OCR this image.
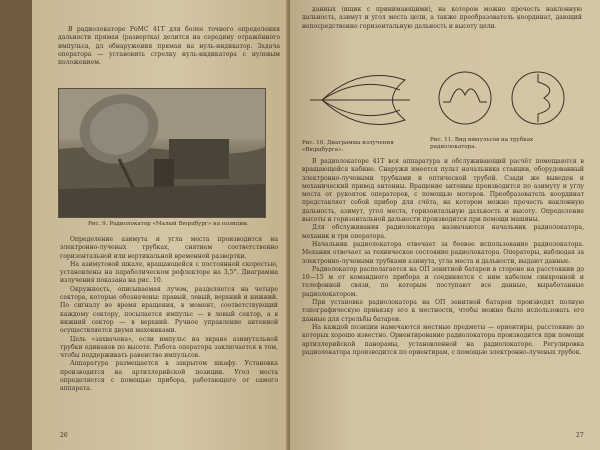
В радиолокаторе РоМС 41Т для более точного определения дальности прямая (развертка) делится на середину отражённого импульса, дл обнаружения прямая на нуль-индикатор. Задача оператора — установить стрелку нуль-индикатора с нулевым положением.

Рис. 9. Радиолокатор «Малый Вюрцбург» на позиции.

Определение азимута и угла места производится на электронно-лучевых трубках, снятием соответственно горизонтальной или вертикальной временной развертки.

На азимутовой шкале, вращающейся с постоянной скоростью, установлены на параболическом рефлекторе на 3,5°. Диаграмма излучения показана на рис. 10.

Окружность, описываемая лучом, разделяется на четыре сектора, которые обозначены: правый, левый, верхний и нижний. По сигналу во время вращения, в момент, соответствующий каждому сектору, посылается импульс — в левый сектор, а в нижний сектор — в верхний. Ручное управление антенной осуществляется двумя маховиками.

Цель «захвачена», если импульс на экране азимутальной трубки одинаков по высоте. Работа оператора заключается в том, чтобы поддерживать равенство импульсов.

Аппаратура размещается в закрытом шкафу. Установка производится на артиллерийской позиции. Угол места определяется с помощью прибора, работающего от самого аппарата.

26

данных (ищик с принимающими), на котором можно прочесть наклонную дальность, азимут и угол места цели, а также преобразователь координат, дающий непосредственно горизонтальную дальность и высоту цели.

Рис. 10. Диаграмма излучения «Вюрцбурга».
Рис. 11. Вид импульсов на трубках радиолокатора.

В радиолокаторе 41Т вся аппаратура и обслуживающий расчёт помещаются в вращающейся кабине. Снаружи имеется пульт начальника станции, оборудованный электронно-лучевыми трубками и оптической трубой. Сзади же выведен и механический привод антенны. Вращение антенны производится по азимуту и углу места от рукояток операторов, с помощью моторов. Преобразователь координат представляет собой прибор для счёта, на котором можно прочесть наклонную дальность, азимут, угол места, горизонтальную дальность и высоту. Определение высоты и горизонтальной дальности производится при помощи машины.

Для обслуживания радиолокатора назначаются начальник радиолокатора, механик и три оператора.

Начальник радиолокатора отвечает за боевое использование радиолокатора. Механик отвечает за техническое состояние радиолокатора. Операторы, наблюдая за электронно-лучевыми трубками азимута, угла места и дальности, выдают данные.

Радиолокатор располагается на ОП зенитной батареи в стороне на расстоянии до 10—15 м от командного прибора и соединяется с ним кабелем синхронной и телефонной связи, по которым поступают все данные, выработанные радиолокатором.

При установке радиолокатора на ОП зенитной батареи производят полную топографическую привязку его к местности, чтобы можно было использовать его данные для стрельбы батареи.

На каждой позиции намечаются местные предметы — ориентиры, расстояние до которых хорошо известно. Ориентирование радиолокатора производится при помощи артиллерийской панорамы, установленной на радиолокаторе. Регулировка радиолокатора производится по ориентирам, с помощью электронно-лучевых трубок.

27
